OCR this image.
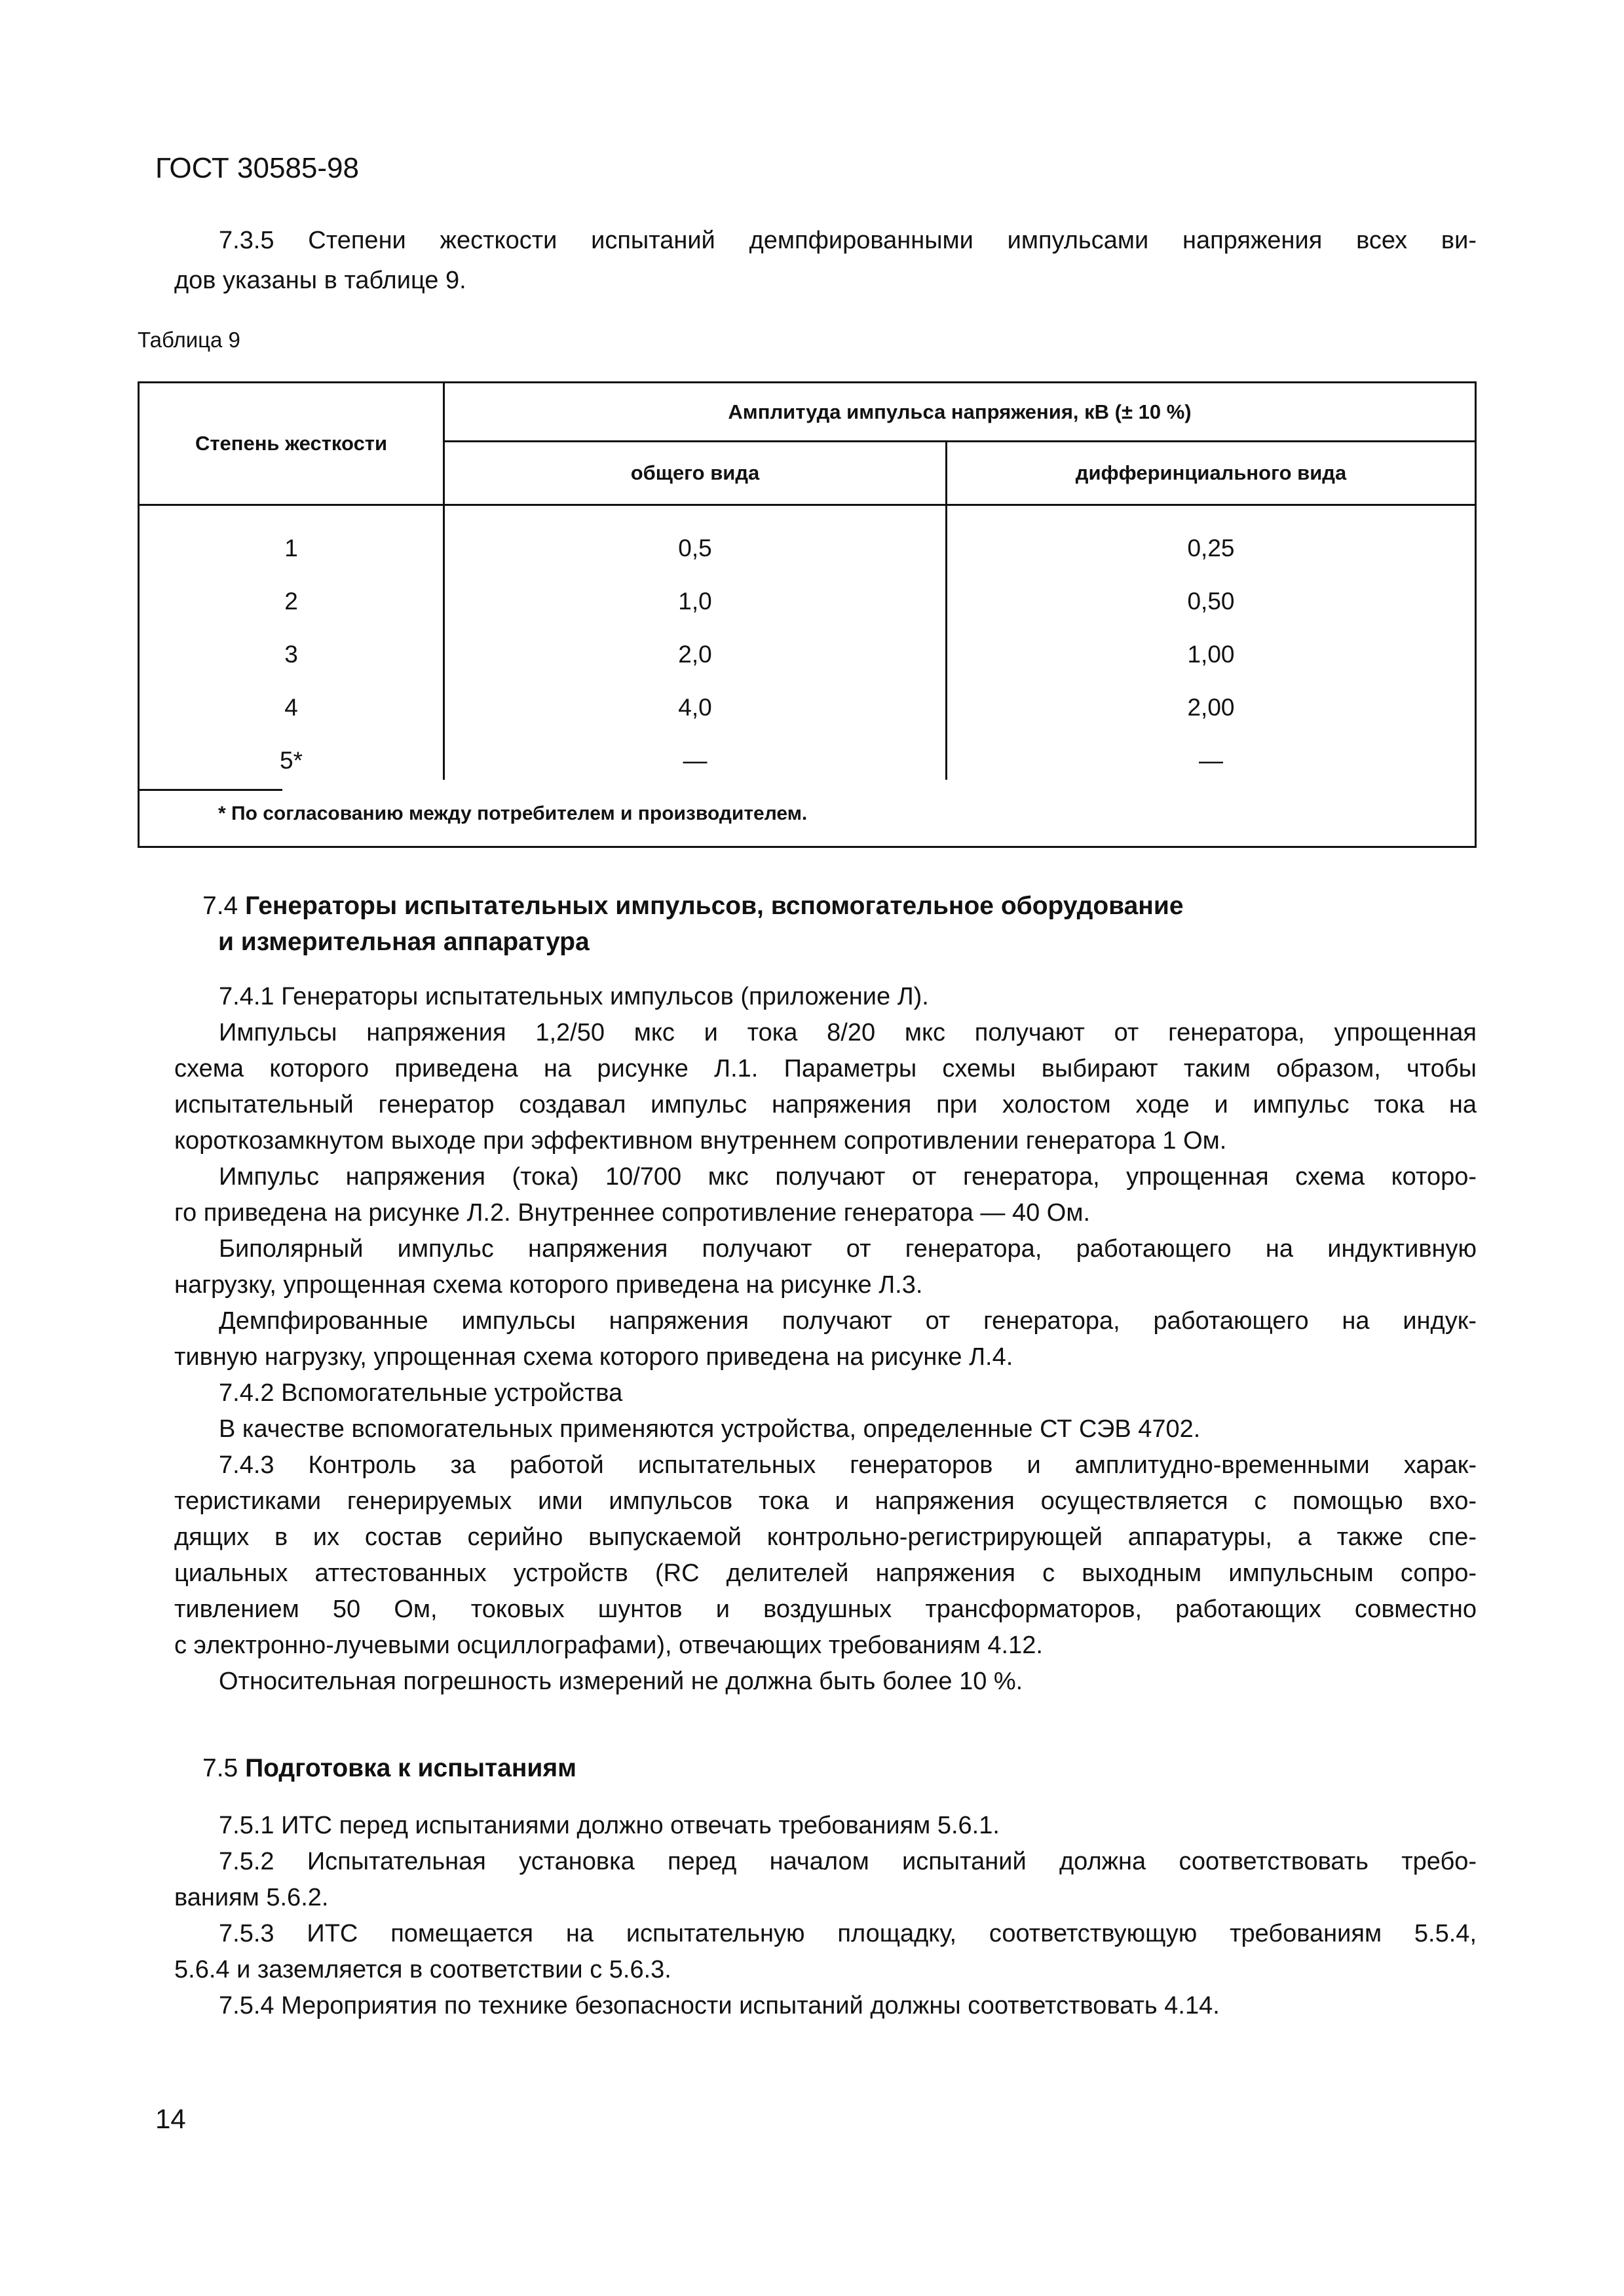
ГОСТ 30585-98
7.3.5 Степени жесткости испытаний демпфированными импульсами напряжения всех ви-
дов указаны в таблице 9.
Таблица 9
Степень жесткости
Амплитуда импульса напряжения, кВ (± 10 %)
общего вида	дифферинциального вида
1	0,5	0,25
2	1,0	0,50
3	2,0	1,00
4	4,0	2,00
5*	—	—
* По согласованию между потребителем и производителем.
7.4 Генераторы испытательных импульсов, вспомогательное оборудование
и измерительная аппаратура
7.4.1 Генераторы испытательных импульсов (приложение Л).
Импульсы напряжения 1,2/50 мкс и тока 8/20 мкс получают от генератора, упрощенная
схема которого приведена на рисунке Л.1. Параметры схемы выбирают таким образом, чтобы
испытательный генератор создавал импульс напряжения при холостом ходе и импульс тока на
короткозамкнутом выходе при эффективном внутреннем сопротивлении генератора 1 Ом.
Импульс напряжения (тока) 10/700 мкс получают от генератора, упрощенная схема которо-
го приведена на рисунке Л.2. Внутреннее сопротивление генератора — 40 Ом.
Биполярный импульс напряжения получают от генератора, работающего на индуктивную
нагрузку, упрощенная схема которого приведена на рисунке Л.3.
Демпфированные импульсы напряжения получают от генератора, работающего на индук-
тивную нагрузку, упрощенная схема которого приведена на рисунке Л.4.
7.4.2 Вспомогательные устройства
В качестве вспомогательных применяются устройства, определенные СТ СЭВ 4702.
7.4.3 Контроль за работой испытательных генераторов и амплитудно-временными харак-
теристиками генерируемых ими импульсов тока и напряжения осуществляется с помощью вхо-
дящих в их состав серийно выпускаемой контрольно-регистрирующей аппаратуры, а также спе-
циальных аттестованных устройств (RC делителей напряжения с выходным импульсным сопро-
тивлением 50 Ом, токовых шунтов и воздушных трансформаторов, работающих совместно
с электронно-лучевыми осциллографами), отвечающих требованиям 4.12.
Относительная погрешность измерений не должна быть более 10 %.
7.5 Подготовка к испытаниям
7.5.1 ИТС перед испытаниями должно отвечать требованиям 5.6.1.
7.5.2 Испытательная установка перед началом испытаний должна соответствовать требо-
ваниям 5.6.2.
7.5.3 ИТС помещается на испытательную площадку, соответствующую требованиям 5.5.4,
5.6.4 и заземляется в соответствии с 5.6.3.
7.5.4 Мероприятия по технике безопасности испытаний должны соответствовать 4.14.
14
